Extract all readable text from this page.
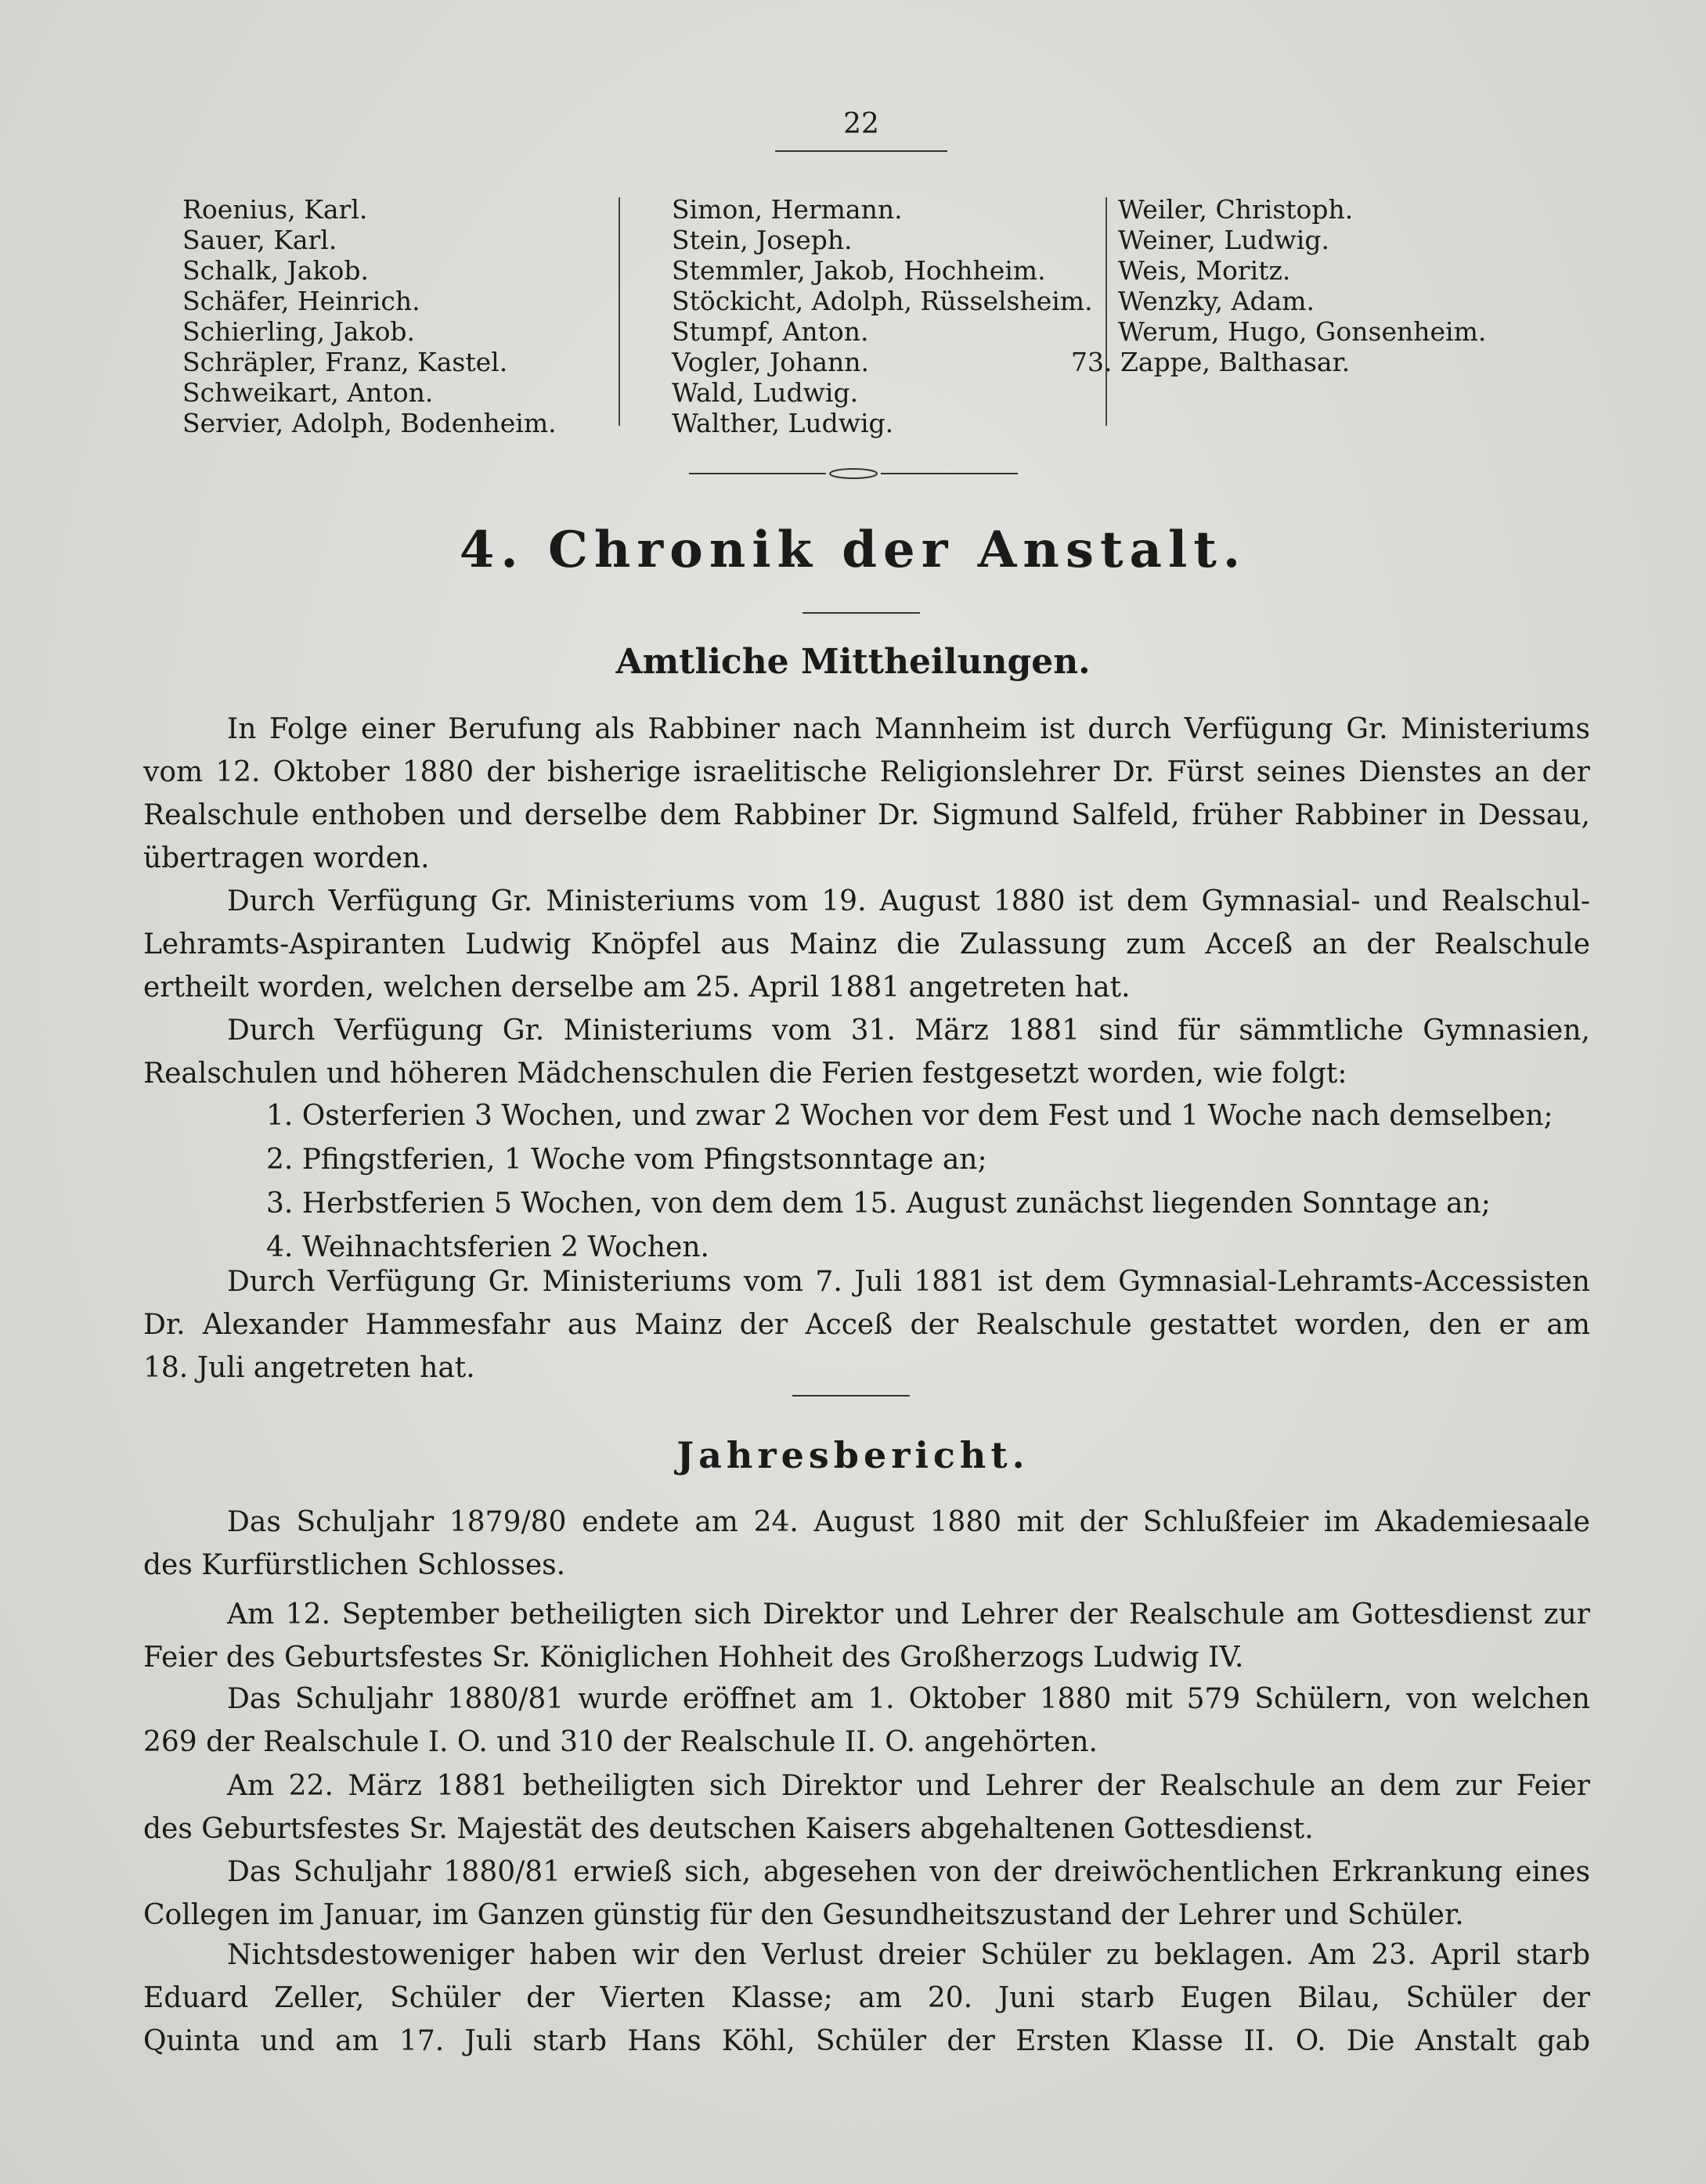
22
Roenius, Karl.
Sauer, Karl.
Schalk, Jakob.
Schäfer, Heinrich.
Schierling, Jakob.
Schräpler, Franz, Kastel.
Schweikart, Anton.
Servier, Adolph, Bodenheim.
Simon, Hermann.
Stein, Joseph.
Stemmler, Jakob, Hochheim.
Stöckicht, Adolph, Rüsselsheim.
Stumpf, Anton.
Vogler, Johann.
Wald, Ludwig.
Walther, Ludwig.
Weiler, Christoph.
Weiner, Ludwig.
Weis, Moritz.
Wenzky, Adam.
Werum, Hugo, Gonsenheim.
73. Zappe, Balthasar.
4. Chronik der Anstalt.
Amtliche Mittheilungen.
In Folge einer Berufung als Rabbiner nach Mannheim ist durch Verfügung Gr. Ministeriums
vom 12. Oktober 1880 der bisherige israelitische Religionslehrer Dr. Fürst seines Dienstes an der
Realschule enthoben und derselbe dem Rabbiner Dr. Sigmund Salfeld, früher Rabbiner in Dessau,
übertragen worden.
Durch Verfügung Gr. Ministeriums vom 19. August 1880 ist dem Gymnasial- und Realschul-
Lehramts-Aspiranten Ludwig Knöpfel aus Mainz die Zulassung zum Acceß an der Realschule
ertheilt worden, welchen derselbe am 25. April 1881 angetreten hat.
Durch Verfügung Gr. Ministeriums vom 31. März 1881 sind für sämmtliche Gymnasien,
Realschulen und höheren Mädchenschulen die Ferien festgesetzt worden, wie folgt:
1. Osterferien 3 Wochen, und zwar 2 Wochen vor dem Fest und 1 Woche nach demselben;
2. Pfingstferien, 1 Woche vom Pfingstsonntage an;
3. Herbstferien 5 Wochen, von dem dem 15. August zunächst liegenden Sonntage an;
4. Weihnachtsferien 2 Wochen.
Durch Verfügung Gr. Ministeriums vom 7. Juli 1881 ist dem Gymnasial-Lehramts-Accessisten
Dr. Alexander Hammesfahr aus Mainz der Acceß der Realschule gestattet worden, den er am
18. Juli angetreten hat.
Jahresbericht.
Das Schuljahr 1879/80 endete am 24. August 1880 mit der Schlußfeier im Akademiesaale
des Kurfürstlichen Schlosses.
Am 12. September betheiligten sich Direktor und Lehrer der Realschule am Gottesdienst zur
Feier des Geburtsfestes Sr. Königlichen Hohheit des Großherzogs Ludwig IV.
Das Schuljahr 1880/81 wurde eröffnet am 1. Oktober 1880 mit 579 Schülern, von welchen
269 der Realschule I. O. und 310 der Realschule II. O. angehörten.
Am 22. März 1881 betheiligten sich Direktor und Lehrer der Realschule an dem zur Feier
des Geburtsfestes Sr. Majestät des deutschen Kaisers abgehaltenen Gottesdienst.
Das Schuljahr 1880/81 erwieß sich, abgesehen von der dreiwöchentlichen Erkrankung eines
Collegen im Januar, im Ganzen günstig für den Gesundheitszustand der Lehrer und Schüler.
Nichtsdestoweniger haben wir den Verlust dreier Schüler zu beklagen. Am 23. April starb
Eduard Zeller, Schüler der Vierten Klasse; am 20. Juni starb Eugen Bilau, Schüler der
Quinta und am 17. Juli starb Hans Köhl, Schüler der Ersten Klasse II. O. Die Anstalt gab
